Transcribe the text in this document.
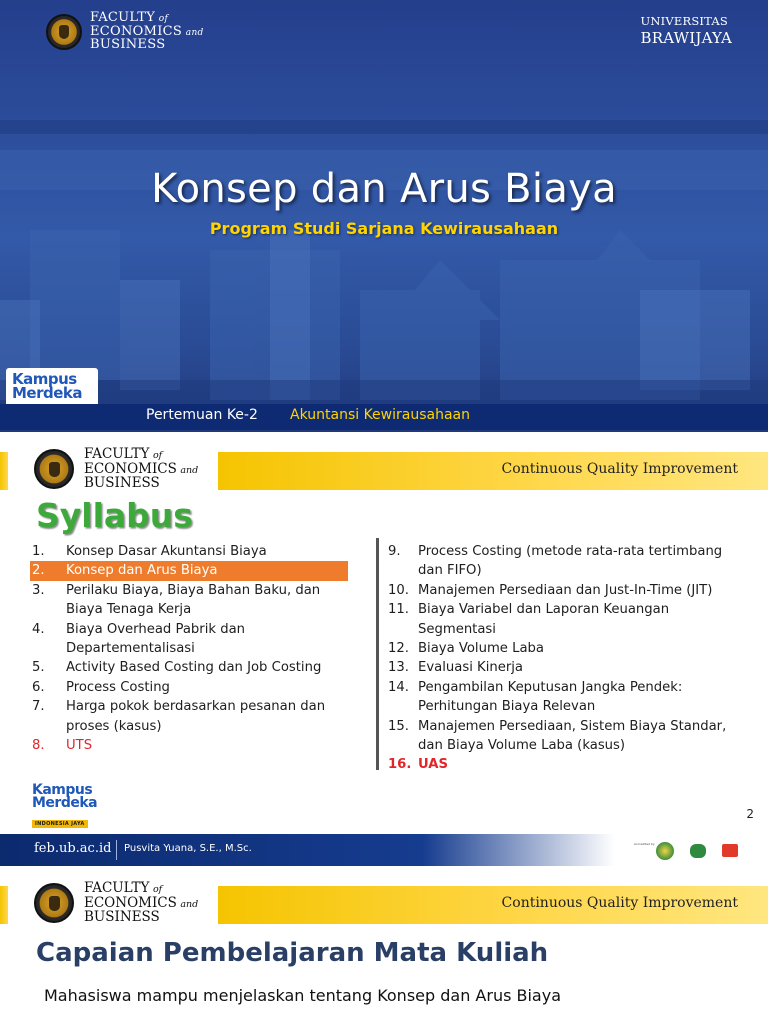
FACULTY of
ECONOMICS and
BUSINESS
UNIVERSITAS
BRAWIJAYA
Konsep dan Arus Biaya
Program Studi Sarjana Kewirausahaan
Kampus
Merdeka
Pertemuan Ke-2 Akuntansi Kewirausahaan
FACULTY of
ECONOMICS and
BUSINESS
Continuous Quality Improvement
Syllabus
1.	Konsep Dasar Akuntansi Biaya
2.	Konsep dan Arus Biaya
3.	Perilaku Biaya, Biaya Bahan Baku, dan Biaya Tenaga Kerja
4.	Biaya Overhead Pabrik dan Departementalisasi
5.	Activity Based Costing dan Job Costing
6.	Process Costing
7.	Harga pokok berdasarkan pesanan dan proses (kasus)
8.	UTS
9.	Process Costing (metode rata-rata tertimbang dan FIFO)
10. Manajemen Persediaan dan Just-In-Time (JIT)
11. Biaya Variabel dan Laporan Keuangan Segmentasi
12. Biaya Volume Laba
13. Evaluasi Kinerja
14. Pengambilan Keputusan Jangka Pendek: Perhitungan Biaya Relevan
15. Manajemen Persediaan, Sistem Biaya Standar, dan Biaya Volume Laba (kasus)
16. UAS
Kampus
Merdeka
INDONESIA JAYA
2
feb.ub.ac.id Pusvita Yuana, S.E., M.Sc.	Accredited by
FACULTY of
ECONOMICS and
BUSINESS
Continuous Quality Improvement
Capaian Pembelajaran Mata Kuliah
Mahasiswa mampu menjelaskan tentang Konsep dan Arus Biaya
